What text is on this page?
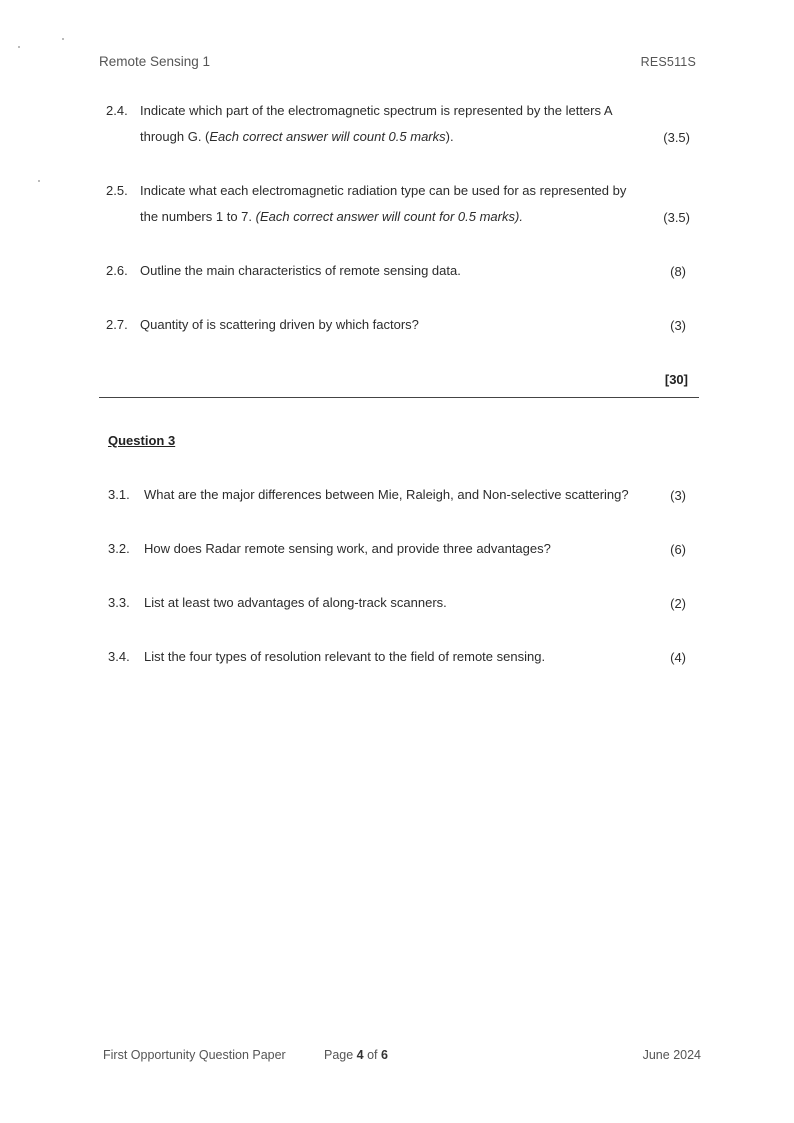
Remote Sensing 1	RES511S
2.4. Indicate which part of the electromagnetic spectrum is represented by the letters A
through G. (Each correct answer will count 0.5 marks).	(3.5)
2.5. Indicate what each electromagnetic radiation type can be used for as represented by
the numbers 1 to 7. (Each correct answer will count for 0.5 marks).	(3.5)
2.6. Outline the main characteristics of remote sensing data.	(8)
2.7. Quantity of is scattering driven by which factors?	(3)
[30]
Question 3
3.1.	What are the major differences between Mie, Raleigh, and Non-selective scattering?	(3)
3.2.	How does Radar remote sensing work, and provide three advantages?	(6)
3.3.	List at least two advantages of along-track scanners.	(2)
3.4.	List the four types of resolution relevant to the field of remote sensing.	(4)
First Opportunity Question Paper	Page 4 of 6	June 2024
